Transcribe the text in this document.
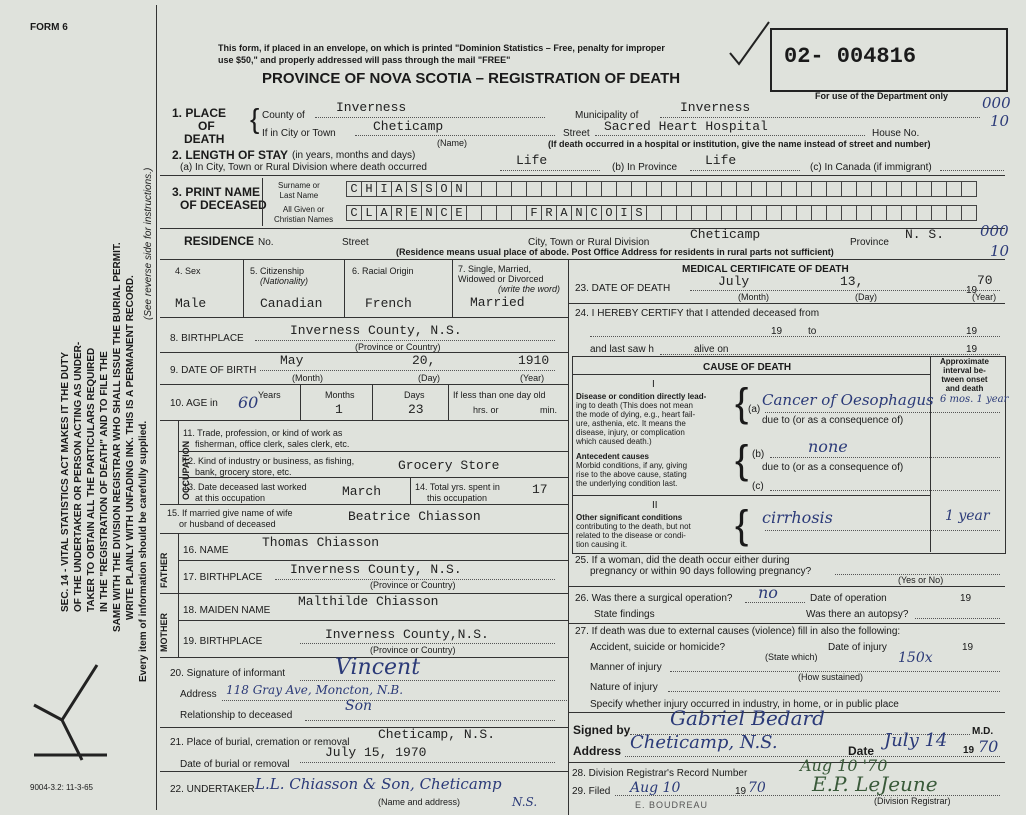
FORM 6
This form, if placed in an envelope, on which is printed "Dominion Statistics – Free, penalty for improper
use $50," and properly addressed will pass through the mail "FREE"
PROVINCE OF NOVA SCOTIA – REGISTRATION OF DEATH
02- 004816
For use of the Department only 000
10
SEC. 14 - VITAL STATISTICS ACT MAKES IT THE DUTY OF THE UNDERTAKER OR PERSON ACTING AS UNDER- TAKER TO OBTAIN ALL THE PARTICULARS REQUIRED IN THE "REGISTRATION OF DEATH" AND TO FILE THE SAME WITH THE DIVISION REGISTRAR WHO SHALL ISSUE THE BURIAL PERMIT. WRITE PLAINLY WITH UNFADING INK. THIS IS A PERMANENT RECORD. Every item of information should be carefully supplied.
(See reverse side for instructions.)
9004-3.2: 11-3-65
1. PLACE
OF
DEATH
{ County of
Inverness
Municipality of
Inverness
If in City or Town	Cheticamp
(Name)
Street Sacred Heart Hospital	House No.
(If death occurred in a hospital or institution, give the name instead of street and number)
2. LENGTH OF STAY (in years, months and days)
(a) In City, Town or Rural Division where death occurred	Life	(b) In Province Life	(c) In Canada (if immigrant)
3. PRINT NAME
OF DECEASED
Surname or
Last Name
All Given or
Christian Names
C H I A S S O N
C L A R E N C E	F R A N C O I S
RESIDENCE No.	Street	City, Town or Rural Division
Cheticamp
Province
N. S. 000
10
(Residence means usual place of abode. Post Office Address for residents in rural parts not sufficient)
4. Sex
Male
5. Citizenship
(Nationality)
Canadian
6. Racial Origin
French
7. Single, Married,
Widowed or Divorced
(write the word)
Married
8. BIRTHPLACE
Inverness County, N.S.
(Province or Country)
9. DATE OF BIRTH
May	20,	1910
(Month)	(Day)	(Year)
10. AGE in 60 Years	Months
1
Days
23
If less than one day old
hrs. or	min.
OCCUPATION
11. Trade, profession, or kind of work as
fisherman, office clerk, sales clerk, etc.
12. Kind of industry or business, as fishing,
bank, grocery store, etc.	Grocery Store
13. Date deceased last worked
at this occupation	March	14. Total yrs. spent in
this occupation
17
15. If married give name of wife
or husband of deceased	Beatrice Chiasson
FATHER
16. NAME
Thomas Chiasson
17. BIRTHPLACE
Inverness County, N.S.
(Province or Country)
MOTHER
18. MAIDEN NAME
Malthilde Chiasson
19. BIRTHPLACE	Inverness County,N.S.
(Province or Country)
20. Signature of informant Vincent
Address 118 Gray Ave, Moncton, N.B.
Son
Relationship to deceased
21. Place of burial, cremation or removal
Cheticamp, N.S.
July 15, 1970
Date of burial or removal
22. UNDERTAKER L.L. Chiasson & Son, Cheticamp
N.S.
(Name and address)
MEDICAL CERTIFICATE OF DEATH
23. DATE OF DEATH	July	13,
19
70
(Month)	(Day)	(Year)
24. I HEREBY CERTIFY that I attended deceased from
19	to	19
and last saw h	alive on	19
CAUSE OF DEATH
Approximate
interval be-
tween onset
and death
I
Disease or condition directly lead-
ing to death (This does not mean
the mode of dying, e.g., heart fail-
ure, asthenia, etc. It means the
disease, injury, or complication
which caused death.)
{ (a)
Cancer of Oesophagus 6 mos. 1 year
due to (or as a consequence of)
Antecedent causes
Morbid conditions, if any, giving
rise to the above cause, stating
the underlying condition last.
{ (b)	none
due to (or as a consequence of)
(c)
II
Other significant conditions
contributing to the death, but not
related to the disease or condi-
tion causing it.	{ cirrhosis	1 year
25. If a woman, did the death occur either during
pregnancy or within 90 days following pregnancy?
(Yes or No)
26. Was there a surgical operation? no	Date of operation	19
State findings	Was there an autopsy?
27. If death was due to external causes (violence) fill in also the following:
Accident, suicide or homicide?	Date of injury	19
(State which)	150x
Manner of injury
(How sustained)
Nature of injury
Specify whether injury occurred in industry, in home, or in public place
Signed by Gabriel Bedard
M.D.
Address Cheticamp, N.S.	Date July 14 19 70
28. Division Registrar's Record Number	Aug 10 '70
29. Filed Aug 10	19 70 E.P. LeJeune
(Division Registrar)
E. BOUDREAU
